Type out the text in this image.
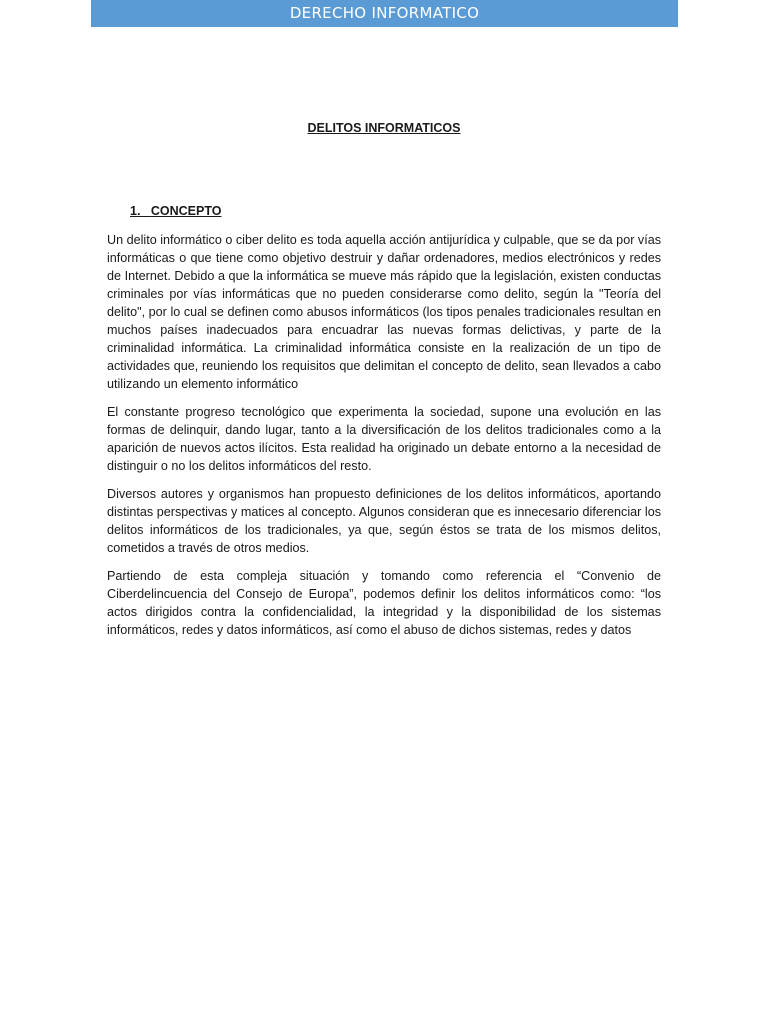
DERECHO INFORMATICO
DELITOS INFORMATICOS
1. CONCEPTO

Un delito informático o ciber delito es toda aquella acción antijurídica y culpable, que se da por vías informáticas o que tiene como objetivo destruir y dañar ordenadores, medios electrónicos y redes de Internet. Debido a que la informática se mueve más rápido que la legislación, existen conductas criminales por vías informáticas que no pueden considerarse como delito, según la "Teoría del delito", por lo cual se definen como abusos informáticos (los tipos penales tradicionales resultan en muchos países inadecuados para encuadrar las nuevas formas delictivas, y parte de la criminalidad informática. La criminalidad informática consiste en la realización de un tipo de actividades que, reuniendo los requisitos que delimitan el concepto de delito, sean llevados a cabo utilizando un elemento informático

El constante progreso tecnológico que experimenta la sociedad, supone una evolución en las formas de delinquir, dando lugar, tanto a la diversificación de los delitos tradicionales como a la aparición de nuevos actos ilícitos. Esta realidad ha originado un debate entorno a la necesidad de distinguir o no los delitos informáticos del resto.

Diversos autores y organismos han propuesto definiciones de los delitos informáticos, aportando distintas perspectivas y matices al concepto. Algunos consideran que es innecesario diferenciar los delitos informáticos de los tradicionales, ya que, según éstos se trata de los mismos delitos, cometidos a través de otros medios.

Partiendo de esta compleja situación y tomando como referencia el “Convenio de Ciberdelincuencia del Consejo de Europa”, podemos definir los delitos informáticos como: “los actos dirigidos contra la confidencialidad, la integridad y la disponibilidad de los sistemas informáticos, redes y datos informáticos, así como el abuso de dichos sistemas, redes y datos
